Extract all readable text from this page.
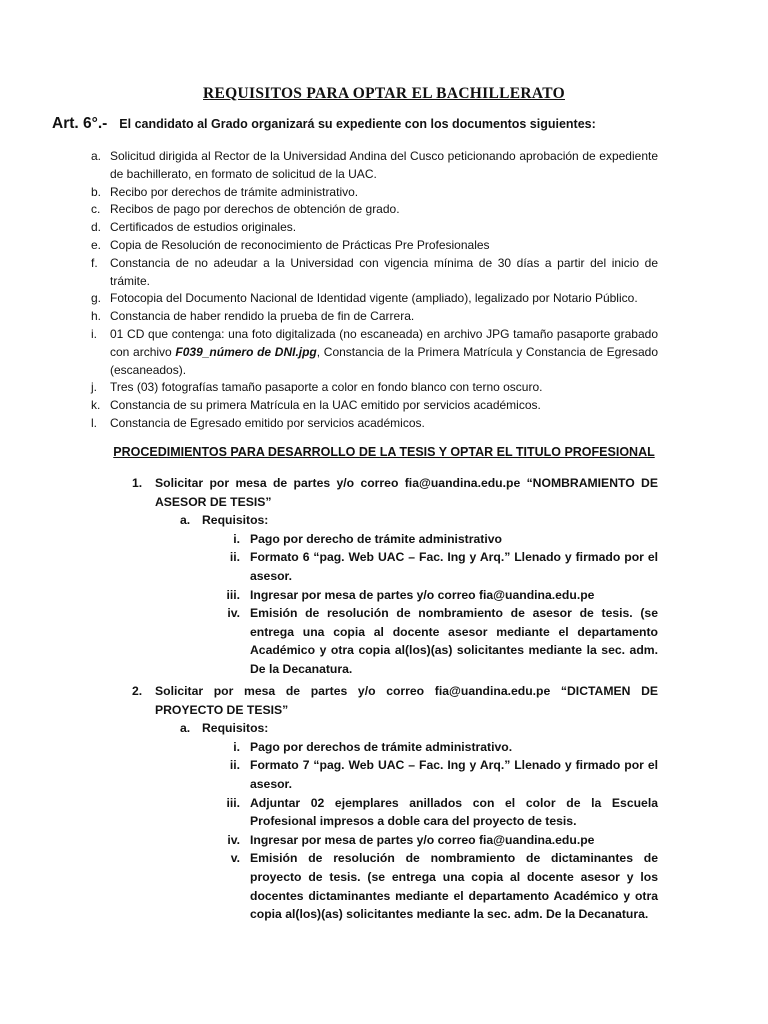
REQUISITOS PARA OPTAR EL BACHILLERATO
Art. 6°.- El candidato al Grado organizará su expediente con los documentos siguientes:
a. Solicitud dirigida al Rector de la Universidad Andina del Cusco peticionando aprobación de expediente de bachillerato, en formato de solicitud de la UAC.
b. Recibo por derechos de trámite administrativo.
c. Recibos de pago por derechos de obtención de grado.
d. Certificados de estudios originales.
e. Copia de Resolución de reconocimiento de Prácticas Pre Profesionales
f. Constancia de no adeudar a la Universidad con vigencia mínima de 30 días a partir del inicio de trámite.
g. Fotocopia del Documento Nacional de Identidad vigente (ampliado), legalizado por Notario Público.
h. Constancia de haber rendido la prueba de fin de Carrera.
i. 01 CD que contenga: una foto digitalizada (no escaneada) en archivo JPG tamaño pasaporte grabado con archivo F039_número de DNI.jpg, Constancia de la Primera Matrícula y Constancia de Egresado (escaneados).
j. Tres (03) fotografías tamaño pasaporte a color en fondo blanco con terno oscuro.
k. Constancia de su primera Matrícula en la UAC emitido por servicios académicos.
l. Constancia de Egresado emitido por servicios académicos.
PROCEDIMIENTOS PARA DESARROLLO DE LA TESIS Y OPTAR EL TITULO PROFESIONAL
1. Solicitar por mesa de partes y/o correo fia@uandina.edu.pe “NOMBRAMIENTO DE ASESOR DE TESIS”
a. Requisitos:
i. Pago por derecho de trámite administrativo
ii. Formato 6 “pag. Web UAC – Fac. Ing y Arq.” Llenado y firmado por el asesor.
iii. Ingresar por mesa de partes y/o correo fia@uandina.edu.pe
iv. Emisión de resolución de nombramiento de asesor de tesis. (se entrega una copia al docente asesor mediante el departamento Académico y otra copia al(los)(as) solicitantes mediante la sec. adm. De la Decanatura.
2. Solicitar por mesa de partes y/o correo fia@uandina.edu.pe “DICTAMEN DE PROYECTO DE TESIS”
a. Requisitos:
i. Pago por derechos de trámite administrativo.
ii. Formato 7 “pag. Web UAC – Fac. Ing y Arq.” Llenado y firmado por el asesor.
iii. Adjuntar 02 ejemplares anillados con el color de la Escuela Profesional impresos a doble cara del proyecto de tesis.
iv. Ingresar por mesa de partes y/o correo fia@uandina.edu.pe
v. Emisión de resolución de nombramiento de dictaminantes de proyecto de tesis. (se entrega una copia al docente asesor y los docentes dictaminantes mediante el departamento Académico y otra copia al(los)(as) solicitantes mediante la sec. adm. De la Decanatura.
